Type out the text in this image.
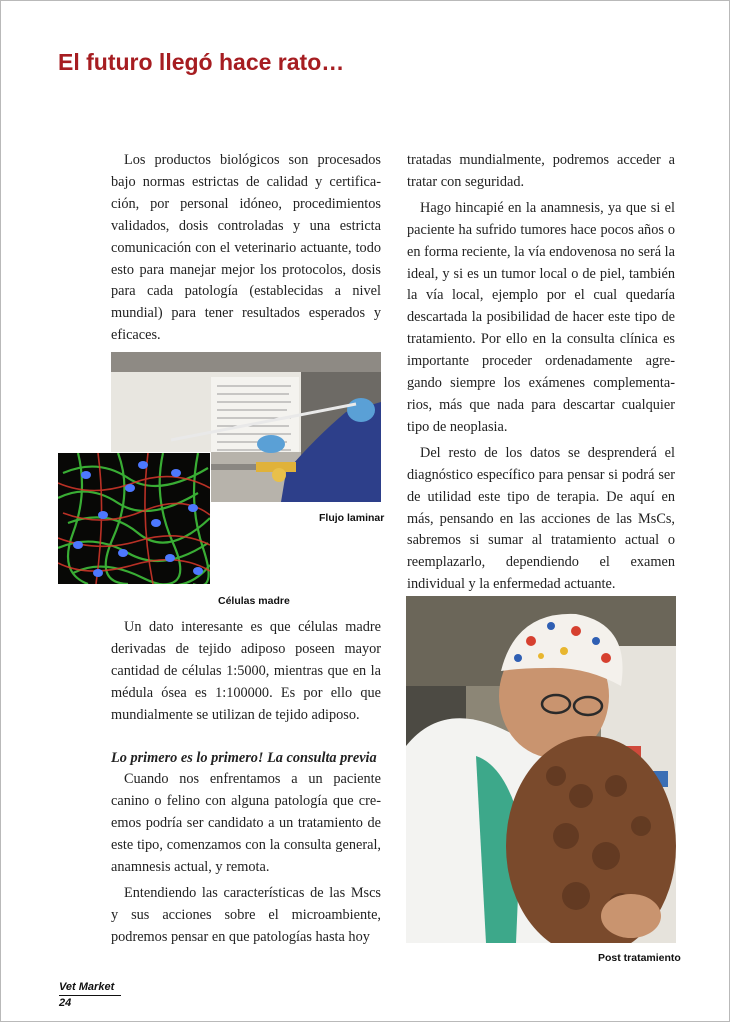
El futuro llegó hace rato…

Los productos biológicos son procesados bajo normas estrictas de calidad y certificación, por personal idóneo, procedimientos validados, dosis controladas y una estricta comunicación con el veterinario actuante, todo esto para manejar mejor los protocolos, dosis para cada patología (establecidas a nivel mundial) para tener resultados esperados y eficaces.

Flujo laminar
Células madre

Un dato interesante es que células madre derivadas de tejido adiposo poseen mayor cantidad de células 1:5000, mientras que en la médula ósea es 1:100000. Es por ello que mundialmente se utilizan de tejido adiposo.

Lo primero es lo primero! La consulta previa

Cuando nos enfrentamos a un paciente canino o felino con alguna patología que creemos podría ser candidato a un tratamiento de este tipo, comenzamos con la consulta general, anamnesis actual, y remota.

Entendiendo las características de las Mscs y sus acciones sobre el microambiente, podremos pensar en que patologías hasta hoy

tratadas mundialmente, podremos acceder a tratar con seguridad.

Hago hincapié en la anamnesis, ya que si el paciente ha sufrido tumores hace pocos años o en forma reciente, la vía endovenosa no será la ideal, y si es un tumor local o de piel, también la vía local, ejemplo por el cual quedaría descartada la posibilidad de hacer este tipo de tratamiento. Por ello en la consulta clínica es importante proceder ordenadamente agregando siempre los exámenes complementarios, más que nada para descartar cualquier tipo de neoplasia.

Del resto de los datos se desprenderá el diagnóstico específico para pensar si podrá ser de utilidad este tipo de terapia. De aquí en más, pensando en las acciones de las MsCs, sabremos si sumar al tratamiento actual o reemplazarlo, dependiendo el examen individual y la enfermedad actuante.

Post tratamiento
Vet Market
24
